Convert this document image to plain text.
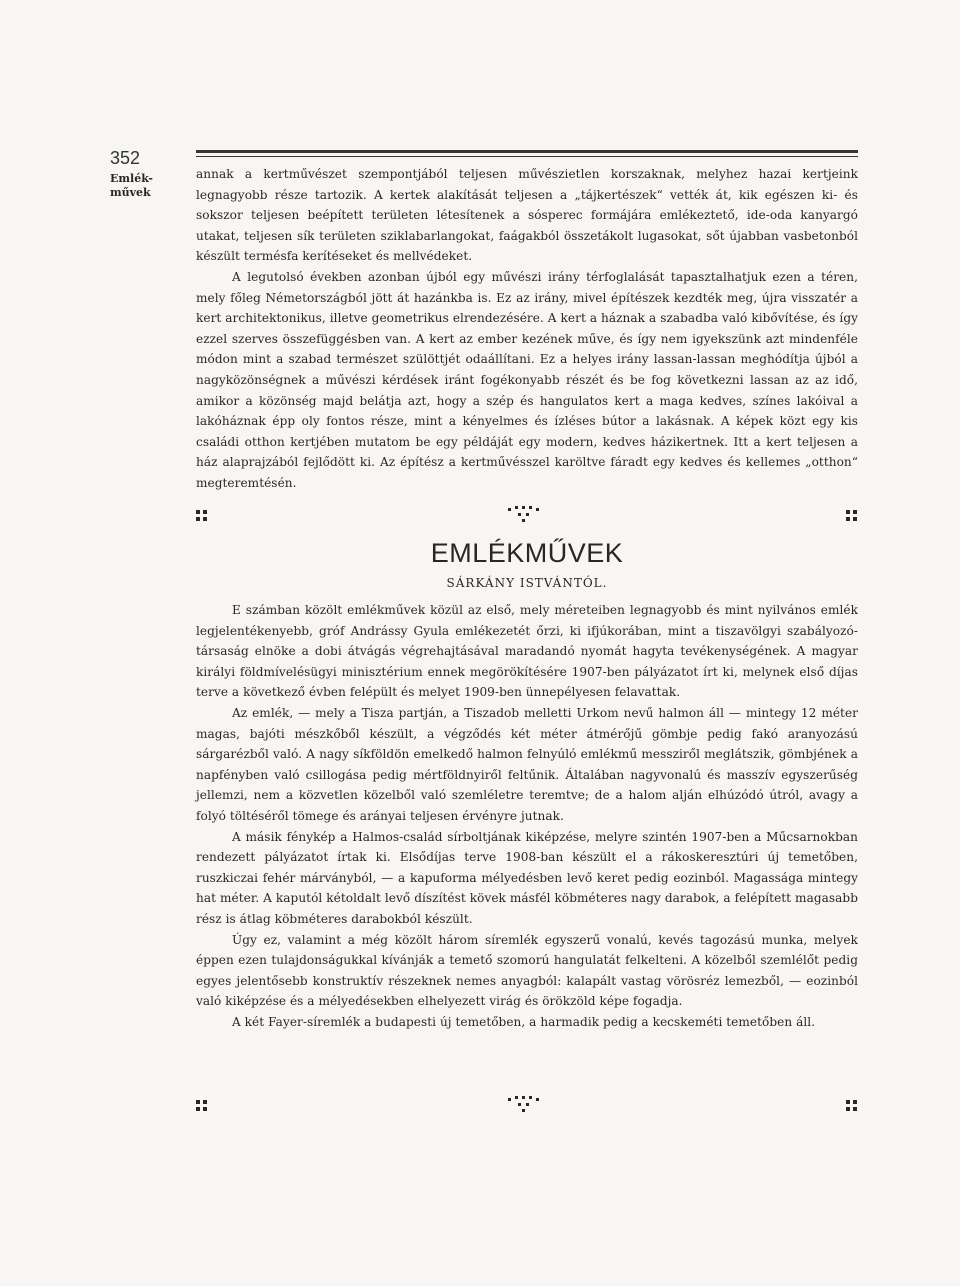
352
Emlék-
művek

annak a kertművészet szempontjából teljesen művészietlen korszaknak, melyhez hazai kertjeink legnagyobb része tartozik. A kertek alakítását teljesen a „tájkertészek“ vették át, kik egészen ki- és sokszor teljesen beépített területen létesítenek a sósperec formájára emlékeztető, ide-oda kanyargó utakat, teljesen sík területen sziklabarlangokat, faágakból összetákolt lugasokat, sőt újabban vasbetonból készült termésfa kerítéseket és mellvédeket.

A legutolsó években azonban újból egy művészi irány térfoglalását tapasztalhatjuk ezen a téren, mely főleg Németországból jött át hazánkba is. Ez az irány, mivel építészek kezdték meg, újra visszatér a kert architektonikus, illetve geometrikus elrendezésére. A kert a háznak a szabadba való kibővítése, és így ezzel szerves összefüggésben van. A kert az ember kezének műve, és így nem igyekszünk azt mindenféle módon mint a szabad természet szülöttjét odaállítani. Ez a helyes irány lassan-lassan meghódítja újból a nagyközönségnek a művészi kérdések iránt fogékonyabb részét és be fog következni lassan az az idő, amikor a közönség majd belátja azt, hogy a szép és hangulatos kert a maga kedves, színes lakóival a lakóháznak épp oly fontos része, mint a kényelmes és ízléses bútor a lakásnak. A képek közt egy kis családi otthon kertjében mutatom be egy példáját egy modern, kedves házikertnek. Itt a kert teljesen a ház alaprajzából fejlődött ki. Az építész a kertművésszel karöltve fáradt egy kedves és kellemes „otthon“ megteremtésén.

EMLÉKMŰVEK
SÁRKÁNY ISTVÁNTÓL.

E számban közölt emlékművek közül az első, mely méreteiben legnagyobb és mint nyilvános emlék legjelentékenyebb, gróf Andrássy Gyula emlékezetét őrzi, ki ifjúkorában, mint a tiszavölgyi szabályozó-társaság elnöke a dobi átvágás végrehajtásával maradandó nyomát hagyta tevékenységének. A magyar királyi földmívelésügyi minisztérium ennek megörökítésére 1907-ben pályázatot írt ki, melynek első díjas terve a következő évben felépült és melyet 1909-ben ünnepélyesen felavattak.

Az emlék, — mely a Tisza partján, a Tiszadob melletti Urkom nevű halmon áll — mintegy 12 méter magas, bajóti mészkőből készült, a végződés két méter átmérőjű gömbje pedig fakó aranyozású sárgarézből való. A nagy síkföldön emelkedő halmon felnyúló emlékmű messziről meglátszik, gömbjének a napfényben való csillogása pedig mértföldnyiről feltűnik. Általában nagyvonalú és masszív egyszerűség jellemzi, nem a közvetlen közelből való szemléletre teremtve; de a halom alján elhúzódó útról, avagy a folyó töltéséről tömege és arányai teljesen érvényre jutnak.

A másik fénykép a Halmos-család sírboltjának kiképzése, melyre szintén 1907-ben a Műcsarnokban rendezett pályázatot írtak ki. Elsődíjas terve 1908-ban készült el a rákoskeresztúri új temetőben, ruszkiczai fehér márványból, — a kapuforma mélyedésben levő keret pedig eozinból. Magassága mintegy hat méter. A kaputól kétoldalt levő díszítést kövek másfél köbméteres nagy darabok, a felépített magasabb rész is átlag köbméteres darabokból készült.

Úgy ez, valamint a még közölt három síremlék egyszerű vonalú, kevés tagozású munka, melyek éppen ezen tulajdonságukkal kívánják a temető szomorú hangulatát felkelteni. A közelből szemlélőt pedig egyes jelentősebb konstruktív részeknek nemes anyagból: kalapált vastag vörösréz lemezből, — eozinból való kiképzése és a mélyedésekben elhelyezett virág és örökzöld képe fogadja.

A két Fayer-síremlék a budapesti új temetőben, a harmadik pedig a kecskeméti temetőben áll.
